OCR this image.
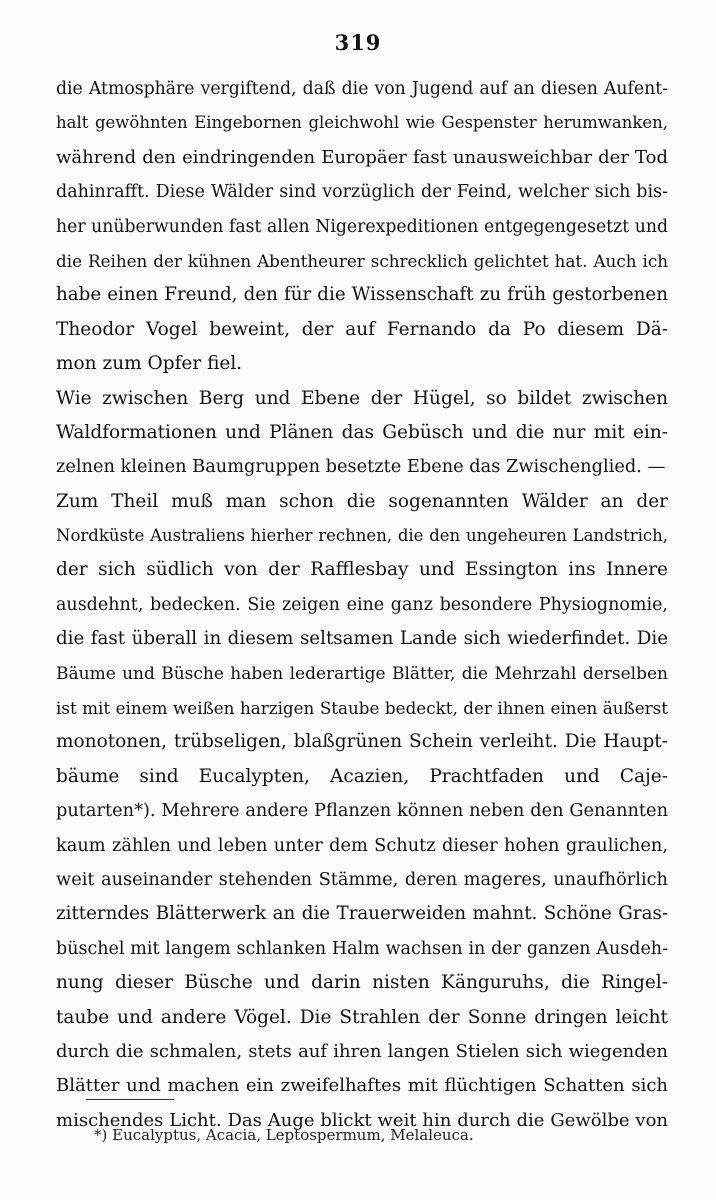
319
die Atmosphäre vergiftend, daß die von Jugend auf an diesen Aufent-
halt gewöhnten Eingebornen gleichwohl wie Gespenster herumwanken,
während den eindringenden Europäer fast unausweichbar der Tod
dahinrafft. Diese Wälder sind vorzüglich der Feind, welcher sich bis-
her unüberwunden fast allen Nigerexpeditionen entgegengesetzt und
die Reihen der kühnen Abentheurer schrecklich gelichtet hat. Auch ich
habe einen Freund, den für die Wissenschaft zu früh gestorbenen
Theodor Vogel beweint, der auf Fernando da Po diesem Dä-
mon zum Opfer fiel.
Wie zwischen Berg und Ebene der Hügel, so bildet zwischen
Waldformationen und Plänen das Gebüsch und die nur mit ein-
zelnen kleinen Baumgruppen besetzte Ebene das Zwischenglied. —
Zum Theil muß man schon die sogenannten Wälder an der
Nordküste Australiens hierher rechnen, die den ungeheuren Landstrich,
der sich südlich von der Rafflesbay und Essington ins Innere
ausdehnt, bedecken. Sie zeigen eine ganz besondere Physiognomie,
die fast überall in diesem seltsamen Lande sich wiederfindet. Die
Bäume und Büsche haben lederartige Blätter, die Mehrzahl derselben
ist mit einem weißen harzigen Staube bedeckt, der ihnen einen äußerst
monotonen, trübseligen, blaßgrünen Schein verleiht. Die Haupt-
bäume sind Eucalypten, Acazien, Prachtfaden und Caje-
putarten*). Mehrere andere Pflanzen können neben den Genannten
kaum zählen und leben unter dem Schutz dieser hohen graulichen,
weit auseinander stehenden Stämme, deren mageres, unaufhörlich
zitterndes Blätterwerk an die Trauerweiden mahnt. Schöne Gras-
büschel mit langem schlanken Halm wachsen in der ganzen Ausdeh-
nung dieser Büsche und darin nisten Känguruhs, die Ringel-
taube und andere Vögel. Die Strahlen der Sonne dringen leicht
durch die schmalen, stets auf ihren langen Stielen sich wiegenden
Blätter und machen ein zweifelhaftes mit flüchtigen Schatten sich
mischendes Licht. Das Auge blickt weit hin durch die Gewölbe von
*) Eucalyptus, Acacia, Leptospermum, Melaleuca.
